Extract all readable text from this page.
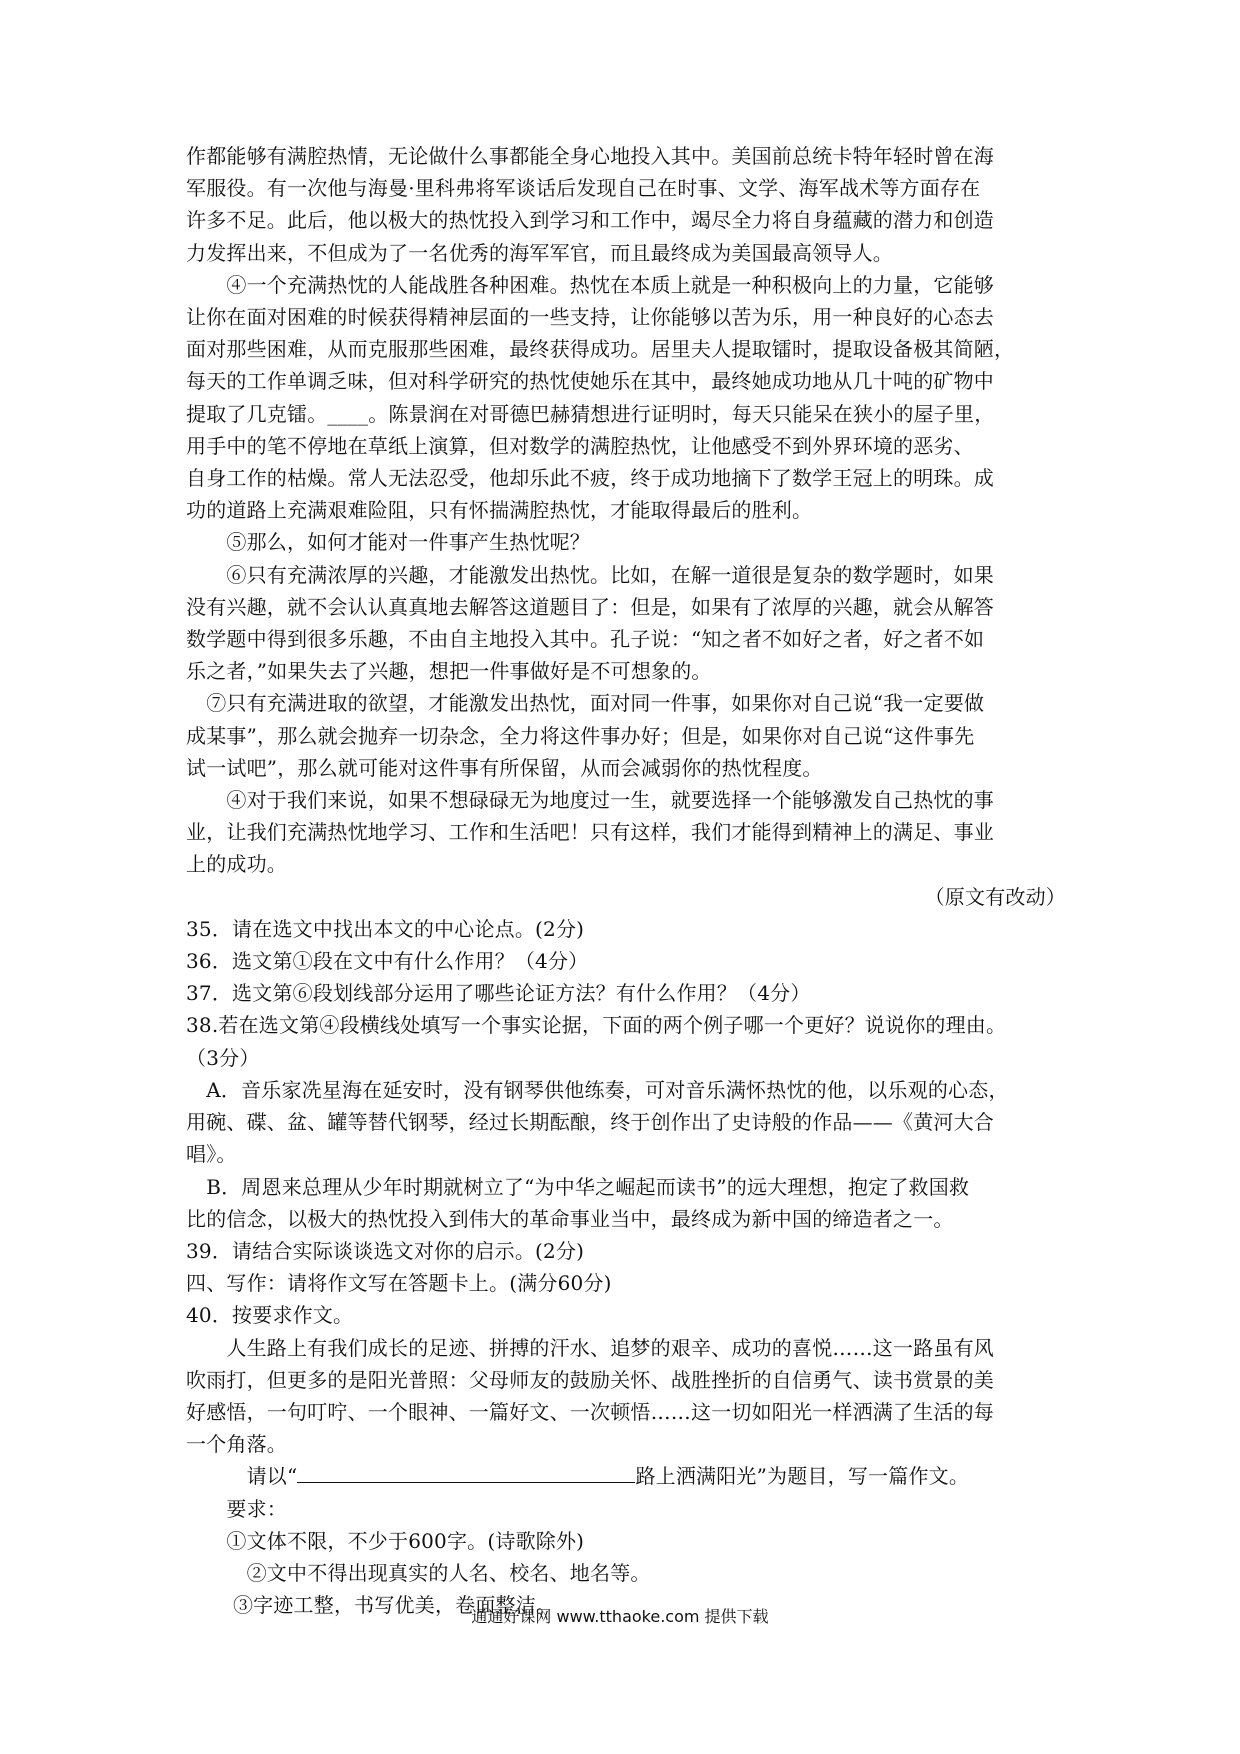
作都能够有满腔热情，无论做什么事都能全身心地投入其中。美国前总统卡特年轻时曾在海
军服役。有一次他与海曼·里科弗将军谈话后发现自己在时事、文学、海军战术等方面存在
许多不足。此后，他以极大的热忱投入到学习和工作中，竭尽全力将自身蕴藏的潜力和创造
力发挥出来，不但成为了一名优秀的海军军官，而且最终成为美国最高领导人。
　　④一个充满热忱的人能战胜各种困难。热忱在本质上就是一种积极向上的力量，它能够
让你在面对困难的时候获得精神层面的一些支持，让你能够以苦为乐，用一种良好的心态去
面对那些困难，从而克服那些困难，最终获得成功。居里夫人提取镭时，提取设备极其简陋，
每天的工作单调乏味，但对科学研究的热忱使她乐在其中，最终她成功地从几十吨的矿物中
提取了几克镭。____。陈景润在对哥德巴赫猜想进行证明时，每天只能呆在狭小的屋子里，
用手中的笔不停地在草纸上演算，但对数学的满腔热忱，让他感受不到外界环境的恶劣、
自身工作的枯燥。常人无法忍受，他却乐此不疲，终于成功地摘下了数学王冠上的明珠。成
功的道路上充满艰难险阻，只有怀揣满腔热忱，才能取得最后的胜利。
　　⑤那么，如何才能对一件事产生热忱呢？
　　⑥只有充满浓厚的兴趣，才能激发出热忱。比如，在解一道很是复杂的数学题时，如果
没有兴趣，就不会认认真真地去解答这道题目了：但是，如果有了浓厚的兴趣，就会从解答
数学题中得到很多乐趣，不由自主地投入其中。孔子说：“知之者不如好之者，好之者不如
乐之者，”如果失去了兴趣，想把一件事做好是不可想象的。
　⑦只有充满进取的欲望，才能激发出热忱，面对同一件事，如果你对自己说“我一定要做
成某事”，那么就会抛弃一切杂念，全力将这件事办好；但是，如果你对自己说“这件事先
试一试吧”，那么就可能对这件事有所保留，从而会减弱你的热忱程度。
　　④对于我们来说，如果不想碌碌无为地度过一生，就要选择一个能够激发自己热忱的事
业，让我们充满热忱地学习、工作和生活吧！只有这样，我们才能得到精神上的满足、事业
上的成功。
（原文有改动）
35．请在选文中找出本文的中心论点。(2分)
36．选文第①段在文中有什么作用？（4分）
37．选文第⑥段划线部分运用了哪些论证方法？有什么作用？（4分）
38.若在选文第④段横线处填写一个事实论据，下面的两个例子哪一个更好？说说你的理由。
（3分）
　A．音乐家冼星海在延安时，没有钢琴供他练奏，可对音乐满怀热忱的他，以乐观的心态，
用碗、碟、盆、罐等替代钢琴，经过长期酝酿，终于创作出了史诗般的作品——《黄河大合
唱》。
　B．周恩来总理从少年时期就树立了“为中华之崛起而读书”的远大理想，抱定了救国救
比的信念，以极大的热忱投入到伟大的革命事业当中，最终成为新中国的缔造者之一。
39．请结合实际谈谈选文对你的启示。(2分)
四、写作：请将作文写在答题卡上。(满分60分)
40．按要求作文。
　　人生路上有我们成长的足迹、拼搏的汗水、追梦的艰辛、成功的喜悦……这一路虽有风
吹雨打，但更多的是阳光普照：父母师友的鼓励关怀、战胜挫折的自信勇气、读书赏景的美
好感悟，一句叮咛、一个眼神、一篇好文、一次顿悟……这一切如阳光一样洒满了生活的每
一个角落。
　　　请以“	路上洒满阳光”为题目，写一篇作文。
　　要求：
　　①文体不限，不少于600字。(诗歌除外)
　　　②文中不得出现真实的人名、校名、地名等。
　　 ③字迹工整，书写优美，卷面整洁。
通通好课网 www.tthaoke.com 提供下载
